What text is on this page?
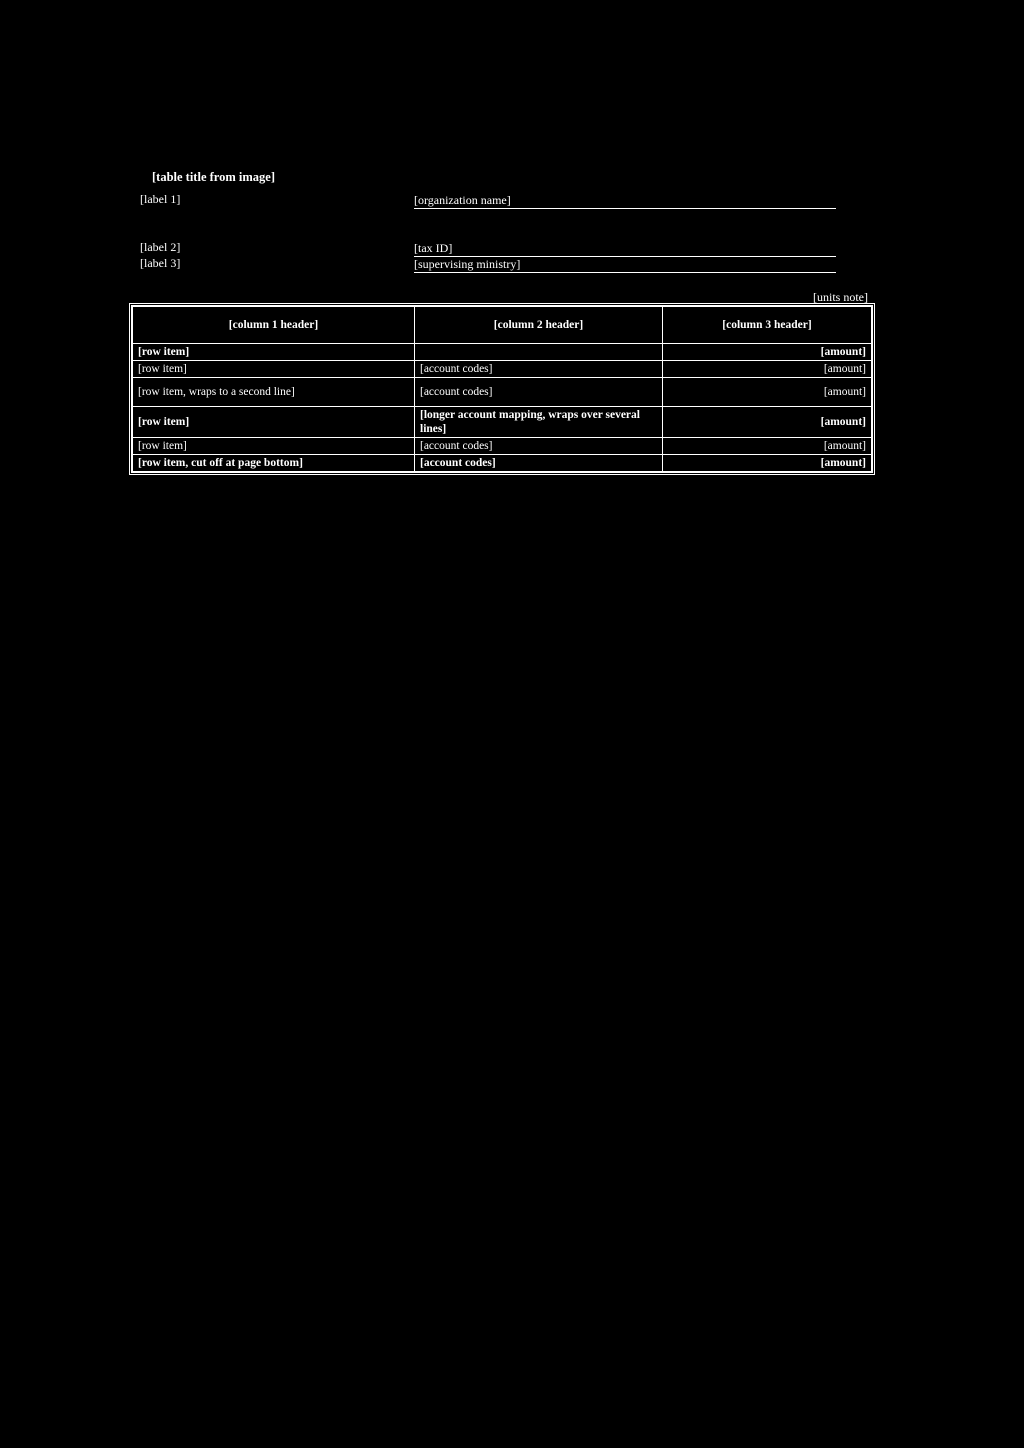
[table title from image]
[label 1]	[organization name]
[label 2]	[tax ID]
[label 3]	[supervising ministry]
[units note]
[column 1 header]	[column 2 header]	[column 3 header]
[row item]		[amount]
[row item]	[account codes]	[amount]
[row item, wraps to a second line]	[account codes]	[amount]
[row item]	[longer account mapping, wraps over several lines]	[amount]
[row item]	[account codes]	[amount]
[row item, cut off at page bottom]	[account codes]	[amount]
